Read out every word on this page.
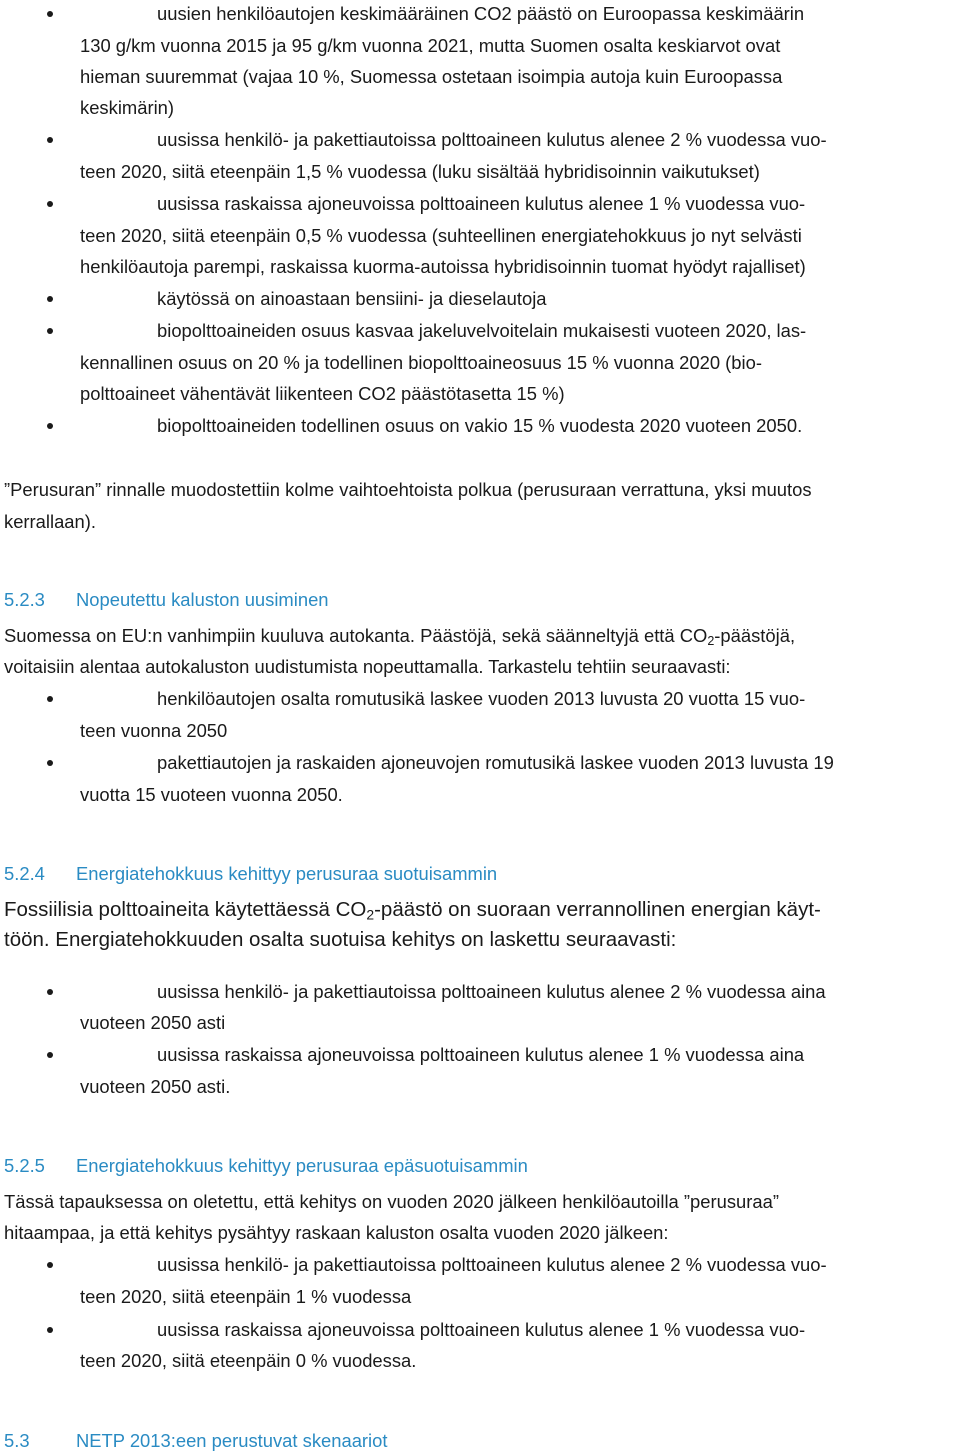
uusien henkilöautojen keskimääräinen CO2 päästö on Euroopassa keskimäärin
130 g/km vuonna 2015 ja 95 g/km vuonna 2021, mutta Suomen osalta keskiarvot ovat
hieman suuremmat (vajaa 10 %, Suomessa ostetaan isoimpia autoja kuin Euroopassa
keskimärin)
uusissa henkilö- ja pakettiautoissa polttoaineen kulutus alenee 2 % vuodessa vuo-
teen 2020, siitä eteenpäin 1,5 % vuodessa (luku sisältää hybridisoinnin vaikutukset)
uusissa raskaissa ajoneuvoissa polttoaineen kulutus alenee 1 % vuodessa vuo-
teen 2020, siitä eteenpäin 0,5 % vuodessa (suhteellinen energiatehokkuus jo nyt selvästi
henkilöautoja parempi, raskaissa kuorma-autoissa hybridisoinnin tuomat hyödyt rajalliset)
käytössä on ainoastaan bensiini- ja dieselautoja
biopolttoaineiden osuus kasvaa jakeluvelvoitelain mukaisesti vuoteen 2020, las-
kennallinen osuus on 20 % ja todellinen biopolttoaineosuus 15 % vuonna 2020 (bio-
polttoaineet vähentävät liikenteen CO2 päästötasetta 15 %)
biopolttoaineiden todellinen osuus on vakio 15 % vuodesta 2020 vuoteen 2050.
”Perusuran” rinnalle muodostettiin kolme vaihtoehtoista polkua (perusuraan verrattuna, yksi muutos
kerrallaan).
5.2.3 Nopeutettu kaluston uusiminen
Suomessa on EU:n vanhimpiin kuuluva autokanta. Päästöjä, sekä säänneltyjä että $CO_2$-päästöjä,
voitaisiin alentaa autokaluston uudistumista nopeuttamalla. Tarkastelu tehtiin seuraavasti:
henkilöautojen osalta romutusikä laskee vuoden 2013 luvusta 20 vuotta 15 vuo-
teen vuonna 2050
pakettiautojen ja raskaiden ajoneuvojen romutusikä laskee vuoden 2013 luvusta 19
vuotta 15 vuoteen vuonna 2050.
5.2.4 Energiatehokkuus kehittyy perusuraa suotuisammin
Fossiilisia polttoaineita käytettäessä $CO_2$-päästö on suoraan verrannollinen energian käyt-
töön. Energiatehokkuuden osalta suotuisa kehitys on laskettu seuraavasti:
uusissa henkilö- ja pakettiautoissa polttoaineen kulutus alenee 2 % vuodessa aina
vuoteen 2050 asti
uusissa raskaissa ajoneuvoissa polttoaineen kulutus alenee 1 % vuodessa aina
vuoteen 2050 asti.
5.2.5 Energiatehokkuus kehittyy perusuraa epäsuotuisammin
Tässä tapauksessa on oletettu, että kehitys on vuoden 2020 jälkeen henkilöautoilla ”perusuraa”
hitaampaa, ja että kehitys pysähtyy raskaan kaluston osalta vuoden 2020 jälkeen:
uusissa henkilö- ja pakettiautoissa polttoaineen kulutus alenee 2 % vuodessa vuo-
teen 2020, siitä eteenpäin 1 % vuodessa
uusissa raskaissa ajoneuvoissa polttoaineen kulutus alenee 1 % vuodessa vuo-
teen 2020, siitä eteenpäin 0 % vuodessa.
5.3	NETP 2013:een perustuvat skenaariot
